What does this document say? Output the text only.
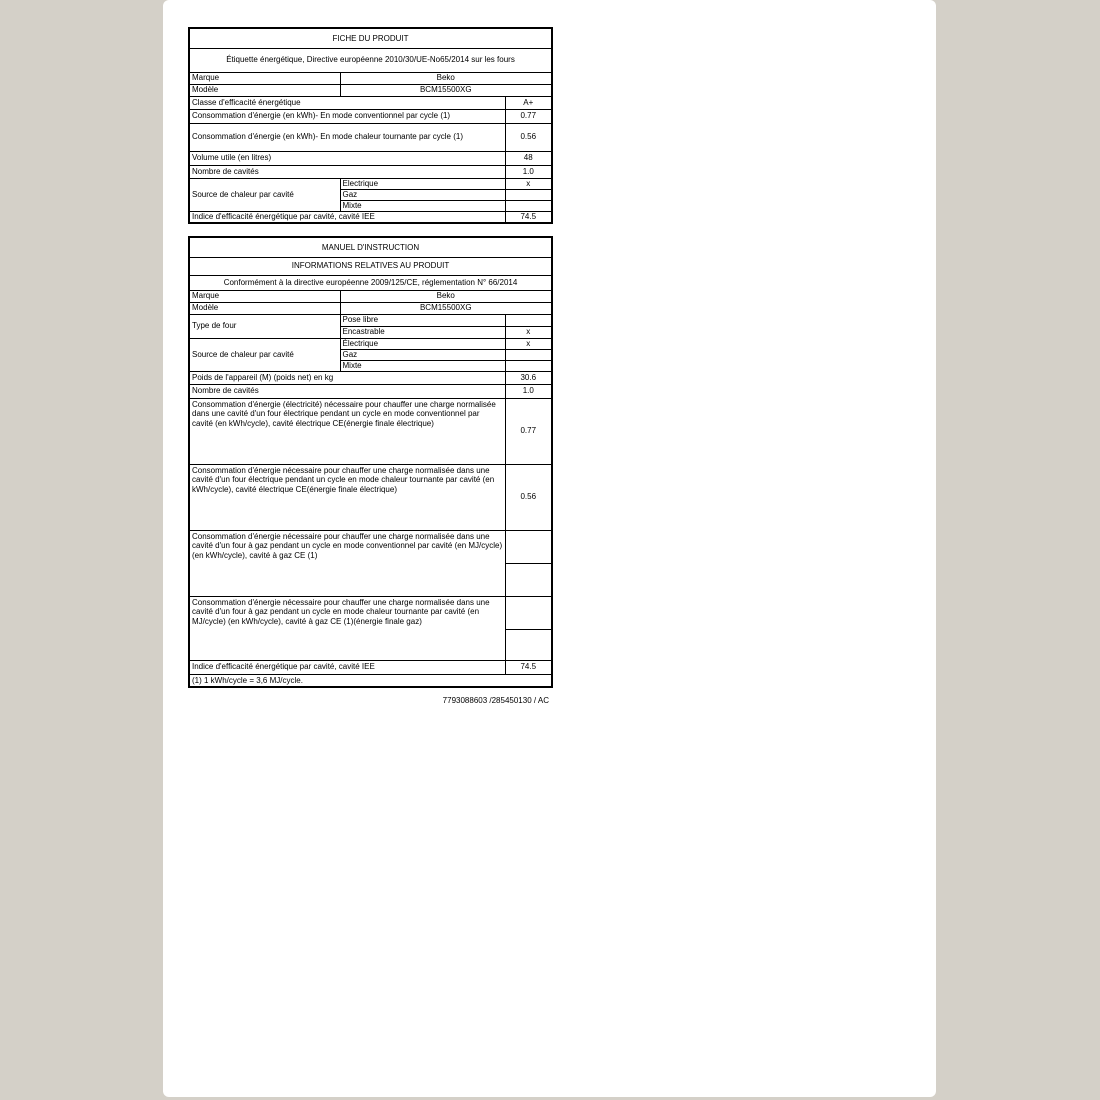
FICHE DU PRODUIT		
Étiquette énergétique, Directive européenne 2010/30/UE-No65/2014 sur les fours		
Marque	Beko	
Modèle	BCM15500XG	
Classe d'efficacité énergétique		A+
Consommation d'énergie (en kWh)- En mode conventionnel par cycle (1)		0.77
Consommation d'énergie (en kWh)- En mode chaleur tournante par cycle (1)		0.56
Volume utile (en litres)		48
Nombre de cavités		1.0
Source de chaleur par cavité	Electrique	x
	Gaz	
	Mixte	
Indice d'efficacité énergétique par cavité, cavité IEE		74.5
MANUEL D'INSTRUCTION		
INFORMATIONS RELATIVES AU PRODUIT		
Conformément à la directive européenne 2009/125/CE, réglementation N° 66/2014		
Marque	Beko	
Modèle	BCM15500XG	
Type de four	Pose libre	
	Encastrable	x
Source de chaleur par cavité	Électrique	x
	Gaz	
	Mixte	
Poids de l'appareil (M) (poids net) en kg		30.6
Nombre de cavités		1.0
Consommation d'énergie (électricité) nécessaire pour chauffer une charge normalisée dans une cavité d'un four électrique pendant un cycle en mode conventionnel par cavité (en kWh/cycle), cavité électrique CE(énergie finale électrique)		0.77
Consommation d'énergie nécessaire pour chauffer une charge normalisée dans une cavité d'un four électrique pendant un cycle en mode chaleur tournante par cavité (en kWh/cycle), cavité électrique CE(énergie finale électrique)		0.56
Consommation d'énergie nécessaire pour chauffer une charge normalisée dans une cavité d'un four à gaz pendant un cycle en mode conventionnel par cavité (en MJ/cycle) (en kWh/cycle), cavité à gaz CE (1)		

Consommation d'énergie nécessaire pour chauffer une charge normalisée dans une cavité d'un four à gaz pendant un cycle en mode chaleur tournante par cavité (en MJ/cycle) (en kWh/cycle), cavité à gaz CE (1)(énergie finale gaz)		

Indice d'efficacité énergétique par cavité, cavité IEE		74.5
(1) 1 kWh/cycle = 3,6 MJ/cycle.		
7793088603 /285450130 / AC
